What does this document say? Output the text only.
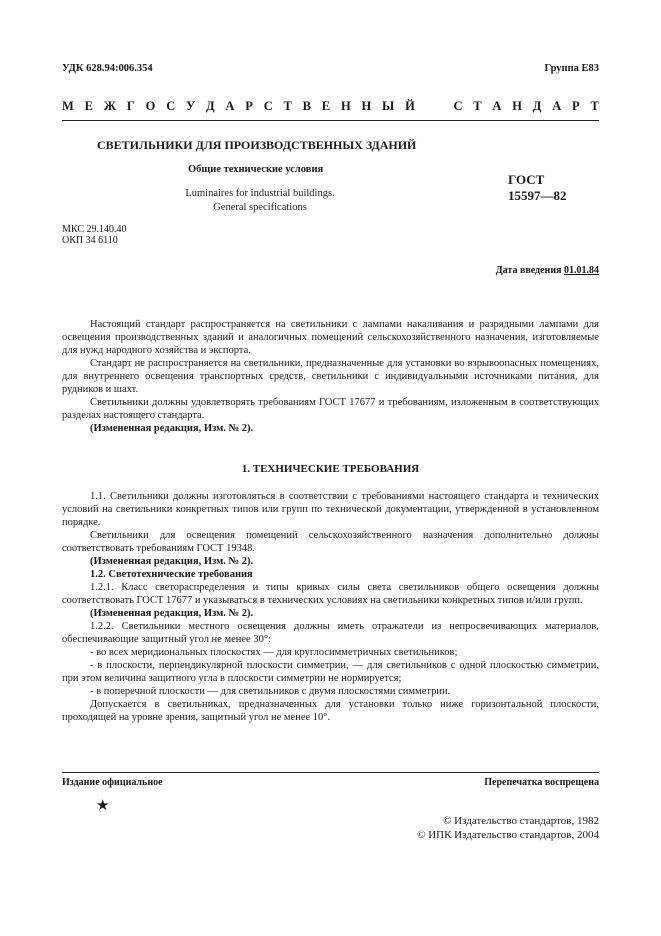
УДК 628.94:006.354	Группа Е83
М Е Ж Г О С У Д А Р С Т В Е Н Н Ы Й

	С Т А Н Д А Р Т
СВЕТИЛЬНИКИ ДЛЯ ПРОИЗВОДСТВЕННЫХ ЗДАНИЙ
Общие технические условия
Luminaires for industrial buildings.
General specifications
ГОСТ
15597—82
МКС 29.140.40
ОКП 34 6110
Дата введения 01.01.84

Настоящий стандарт распространяется на светильники с лампами накаливания и разрядными лампами для освещения производственных зданий и аналогичных помещений сельскохозяйственного назначения, изготовляемые для нужд народного хозяйства и экспорта.

Стандарт не распространяется на светильники, предназначенные для установки во взрывоопасных помещениях, для внутреннего освещения транспортных средств, светильники с индивидуальными источниками питания, для рудников и шахт.

Светильники должны удовлетворять требованиям ГОСТ 17677 и требованиям, изложенным в соответствующих разделах настоящего стандарта.

(Измененная редакция, Изм. № 2).

1. ТЕХНИЧЕСКИЕ ТРЕБОВАНИЯ

1.1. Светильники должны изготовляться в соответствии с требованиями настоящего стандарта и технических условий на светильники конкретных типов или групп по технической документации, утвержденной в установленном порядке.

Светильники для освещения помещений сельскохозяйственного назначения дополнительно должны соответствовать требованиям ГОСТ 19348.

(Измененная редакция, Изм. № 2).

1.2. Светотехнические требования

1.2.1. Класс светораспределения и типы кривых силы света светильников общего освещения должны соответствовать ГОСТ 17677 и указываться в технических условиях на светильники конкретных типов и/или групп.

(Измененная редакция, Изм. № 2).

1.2.2. Светильники местного освещения должны иметь отражатели из непросвечивающих материалов, обеспечивающие защитный угол не менее 30°:

- во всех меридиональных плоскостях — для круглосимметричных светильников;

- в плоскости, перпендикулярной плоскости симметрии, — для светильников с одной плоскостью симметрии, при этом величина защитного угла в плоскости симметрии не нормируется;

- в поперечной плоскости — для светильников с двумя плоскостями симметрии.

Допускается в светильниках, предназначенных для установки только ниже горизонтальной плоскости, проходящей на уровне зрения, защитный угол не менее 10°.

Издание официальное	Перепечатка воспрещена
★
© Издательство стандартов, 1982
© ИПК Издательство стандартов, 2004
